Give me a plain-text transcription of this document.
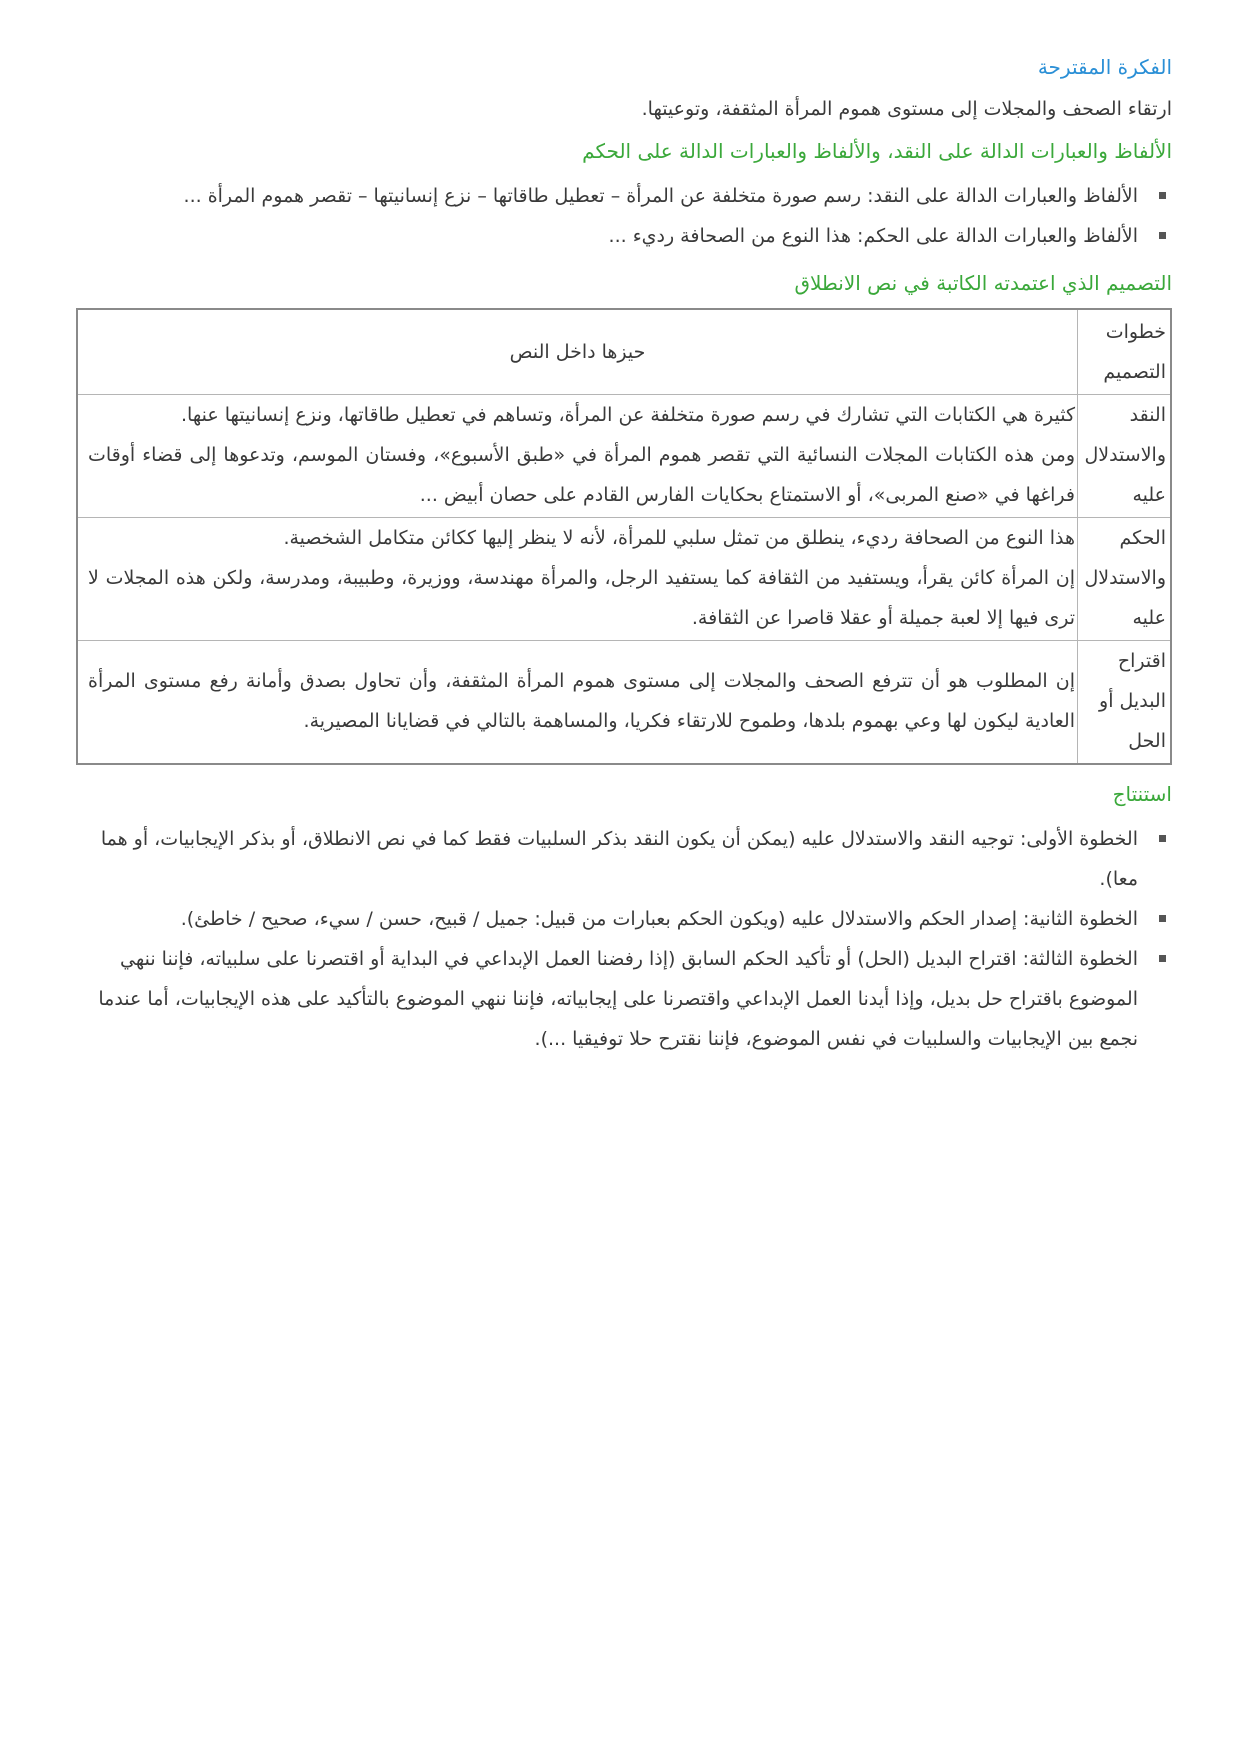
الفكرة المقترحة

ارتقاء الصحف والمجلات إلى مستوى هموم المرأة المثقفة، وتوعيتها.

الألفاظ والعبارات الدالة على النقد، والألفاظ والعبارات الدالة على الحكم
الألفاظ والعبارات الدالة على النقد: رسم صورة متخلفة عن المرأة – تعطيل طاقاتها – نزع إنسانيتها – تقصر هموم المرأة ...
الألفاظ والعبارات الدالة على الحكم: هذا النوع من الصحافة رديء ...
التصميم الذي اعتمدته الكاتبة في نص الانطلاق
خطوات التصميم	حيزها داخل النص
النقد والاستدلال عليه	كثيرة هي الكتابات التي تشارك في رسم صورة متخلفة عن المرأة، وتساهم في تعطيل طاقاتها، ونزع إنسانيتها عنها.

ومن هذه الكتابات المجلات النسائية التي تقصر هموم المرأة في «طبق الأسبوع»، وفستان الموسم، وتدعوها إلى قضاء أوقات فراغها في «صنع المربى»، أو الاستمتاع بحكايات الفارس القادم على حصان أبيض ...

الحكم والاستدلال عليه	هذا النوع من الصحافة رديء، ينطلق من تمثل سلبي للمرأة، لأنه لا ينظر إليها ككائن متكامل الشخصية.

إن المرأة كائن يقرأ، ويستفيد من الثقافة كما يستفيد الرجل، والمرأة مهندسة، ووزيرة، وطبيبة، ومدرسة، ولكن هذه المجلات لا ترى فيها إلا لعبة جميلة أو عقلا قاصرا عن الثقافة.

اقتراح البديل أو الحل	إن المطلوب هو أن تترفع الصحف والمجلات إلى مستوى هموم المرأة المثقفة، وأن تحاول بصدق وأمانة رفع مستوى المرأة العادية ليكون لها وعي بهموم بلدها، وطموح للارتقاء فكريا، والمساهمة بالتالي في قضايانا المصيرية.

استنتاج
الخطوة الأولى: توجيه النقد والاستدلال عليه (يمكن أن يكون النقد بذكر السلبيات فقط كما في نص الانطلاق، أو بذكر الإيجابيات، أو هما معا).
الخطوة الثانية: إصدار الحكم والاستدلال عليه (ويكون الحكم بعبارات من قبيل: جميل / قبيح، حسن / سيء، صحيح / خاطئ).
الخطوة الثالثة: اقتراح البديل (الحل) أو تأكيد الحكم السابق (إذا رفضنا العمل الإبداعي في البداية أو اقتصرنا على سلبياته، فإننا ننهي الموضوع باقتراح حل بديل، وإذا أيدنا العمل الإبداعي واقتصرنا على إيجابياته، فإننا ننهي الموضوع بالتأكيد على هذه الإيجابيات، أما عندما نجمع بين الإيجابيات والسلبيات في نفس الموضوع، فإننا نقترح حلا توفيقيا ...).
